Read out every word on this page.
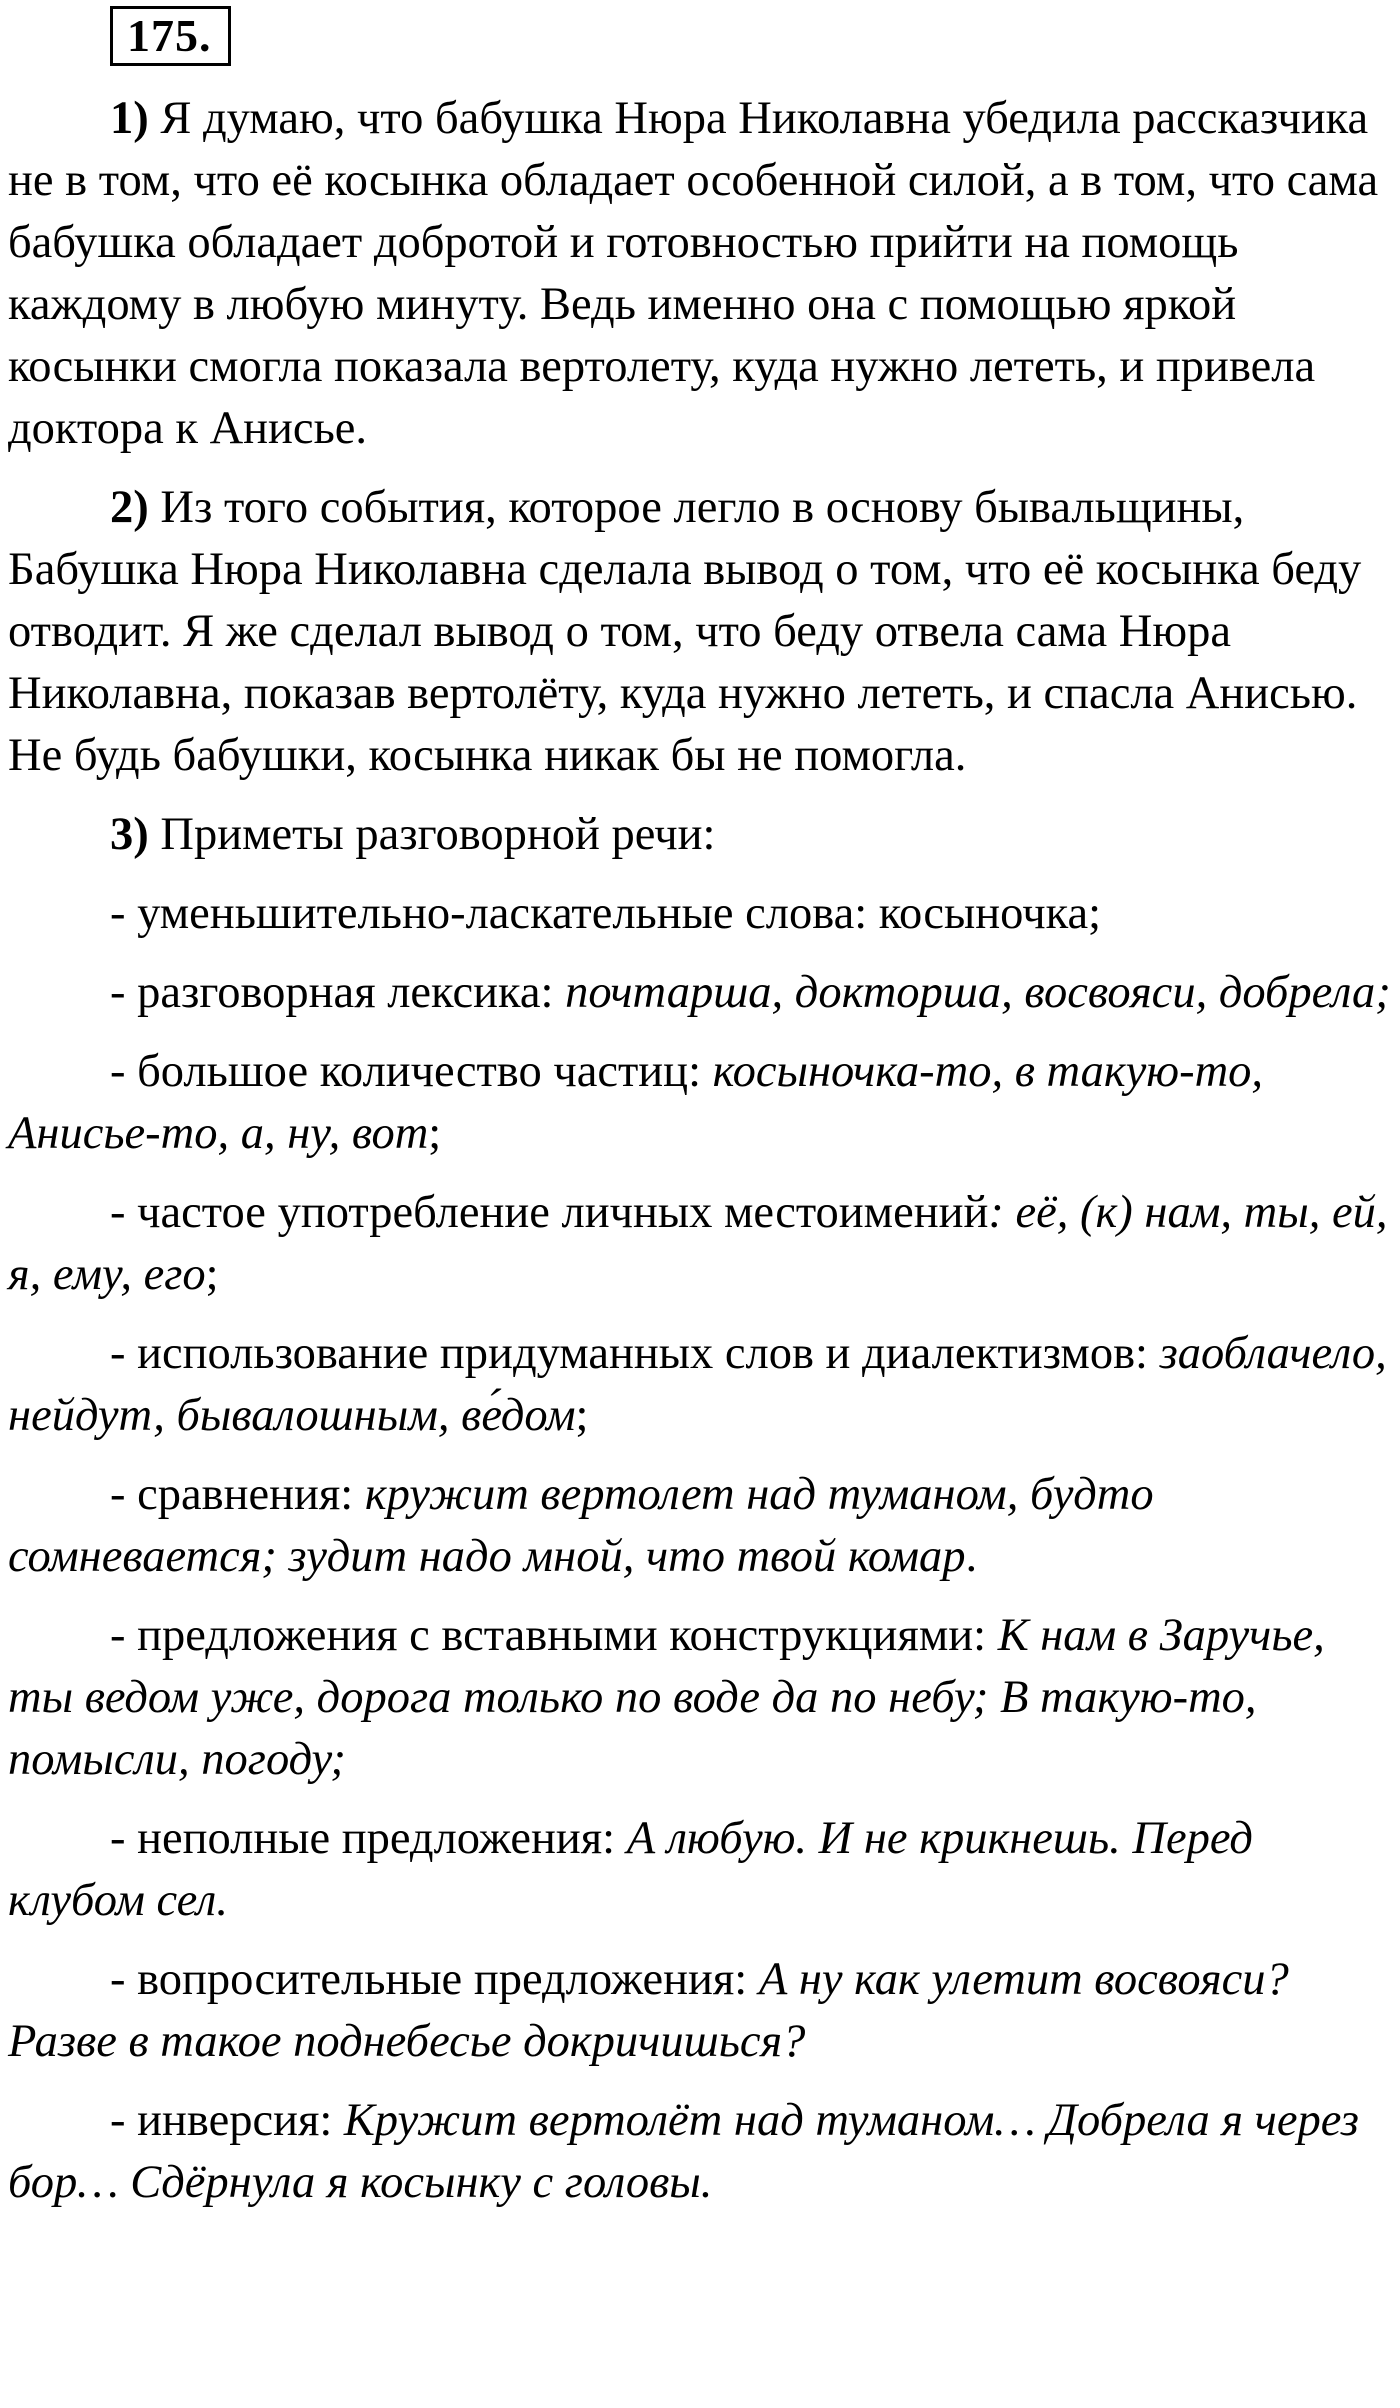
175.

1) Я думаю, что бабушка Нюра Николавна убедила рассказчика не в том, что её косынка обладает особенной силой, а в том, что сама бабушка обладает добротой и готовностью прийти на помощь каждому в любую минуту. Ведь именно она с помощью яркой косынки смогла показала вертолету, куда нужно лететь, и привела доктора к Анисье.

2) Из того события, которое легло в основу бывальщины, Бабушка Нюра Николавна сделала вывод о том, что её косынка беду отводит. Я же сделал вывод о том, что беду отвела сама Нюра Николавна, показав вертолёту, куда нужно лететь, и спасла Анисью. Не будь бабушки, косынка никак бы не помогла.

3) Приметы разговорной речи:

- уменьшительно-ласкательные слова: косыночка;

- разговорная лексика: почтарша, докторша, восвояси, добрела;

- большое количество частиц: косыночка-то, в такую-то, Анисье-то, а, ну, вот;

- частое употребление личных местоимений: её, (к) нам, ты, ей, я, ему, его;

- использование придуманных слов и диалектизмов: заоблачело, нейдут, бывалошным, ве́дом;

- сравнения: кружит вертолет над туманом, будто сомневается; зудит надо мной, что твой комар.

- предложения с вставными конструкциями: К нам в Заручье, ты ведом уже, дорога только по воде да по небу; В такую-то, помысли, погоду;

- неполные предложения: А любую. И не крикнешь. Перед клубом сел.

- вопросительные предложения: А ну как улетит восвояси? Разве в такое поднебесье докричишься?

- инверсия: Кружит вертолёт над туманом… Добрела я через бор… Сдёрнула я косынку с головы.
